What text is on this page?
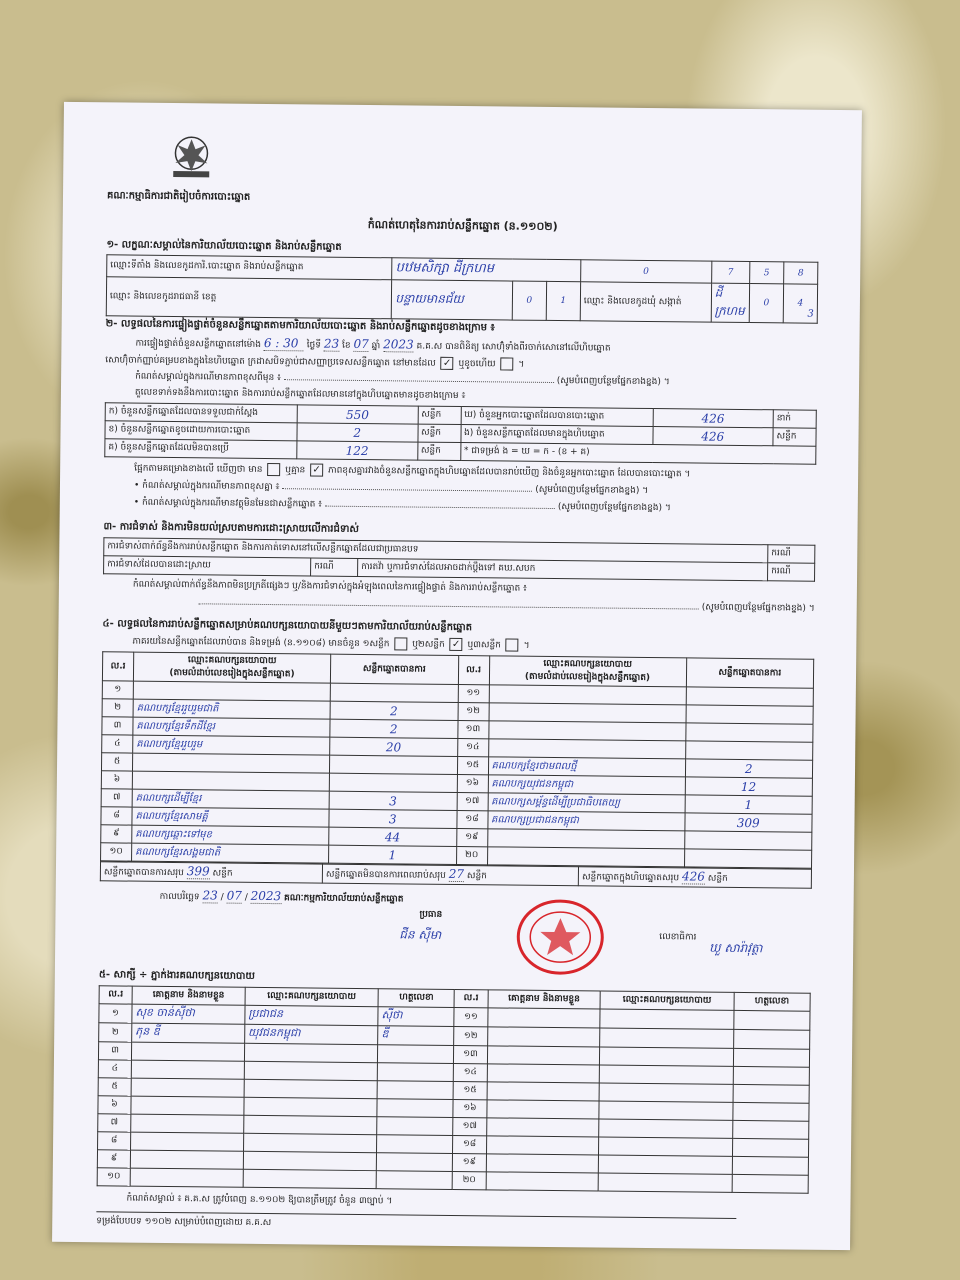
គណៈកម្មាធិការជាតិរៀបចំការបោះឆ្នោត
កំណត់ហេតុនៃការរាប់សន្លឹកឆ្នោត (ន.១១០២)
១- លក្ខណៈសម្គាល់នៃការិយាល័យបោះឆ្នោត និងរាប់សន្លឹកឆ្នោត
ឈ្មោះទីតាំង និងលេខកូដការិ.បោះឆ្នោត និងរាប់សន្លឹកឆ្នោត	បឋមសិក្សា ដីក្រហម			0	7	5	8
ឈ្មោះ និងលេខកូដរាជធានី ខេត្ត	បន្ទាយមានជ័យ	0	1	ឈ្មោះ និងលេខកូដឃុំ សង្កាត់	ដីក្រហម	0	4
3
២- លទ្ធផលនៃការផ្ទៀងផ្ទាត់ចំនួនសន្លឹកឆ្នោតតាមការិយាល័យបោះឆ្នោត និងរាប់សន្លឹកឆ្នោតដូចខាងក្រោម ៖
ការផ្ទៀងផ្ទាត់ចំនួនសន្លឹកឆ្នោតនៅម៉ោង 6 : 30 ថ្ងៃទី 23 ខែ 07 ឆ្នាំ 2023 គ.គ.ស បានពិនិត្យ សោហ៊ុំទាំងពីរចាក់សោនៅលើហិបឆ្នោត
សោហ៊ុំចាក់ញ្ញាប់គម្របខាងក្នុងនៃហិបឆ្នោត ក្រដាសបិទភ្ជាប់ជាសញ្ញាប្រទេសសន្លឹកឆ្នោត នៅមានដែល ✓ ឬខូចហើយ  ។
កំណត់សម្គាល់ក្នុងករណីមានភាពខុសពីមុន ៖	(សូមបំពេញបន្ថែមផ្នែកខាងខ្នង) ។
តួលេខទាក់ទងនឹងការបោះឆ្នោត និងការរាប់សន្លឹកឆ្នោតដែលមាននៅក្នុងហិបឆ្នោតមានដូចខាងក្រោម ៖
ក) ចំនួនសន្លឹកឆ្នោតដែលបានទទួលជាក់ស្តែង	550	សន្លឹក	ឃ) ចំនួនអ្នកបោះឆ្នោតដែលបានបោះឆ្នោត	426	នាក់
ខ) ចំនួនសន្លឹកឆ្នោតខូចដោយការបោះឆ្នោត	2	សន្លឹក	ង) ចំនួនសន្លឹកឆ្នោតដែលមានក្នុងហិបឆ្នោត	426	សន្លឹក
គ) ចំនួនសន្លឹកឆ្នោតដែលមិនបានប្រើ	122	សន្លឹក	* ជាទម្រង់ ង = ឃ = ក - (ខ + គ)		
ផ្អែកតាមគម្រោងខាងលើ ឃើញថា មាន	ឬគ្មាន ✓ ភាពខុសគ្នារវាងចំនួនសន្លឹកឆ្នោតក្នុងហិបឆ្នោតដែលបានរាប់ឃើញ និងចំនួនអ្នកបោះឆ្នោត ដែលបានបោះឆ្នោត ។
• កំណត់សម្គាល់ក្នុងករណីមានភាពខុសគ្នា ៖	(សូមបំពេញបន្ថែមផ្នែកខាងខ្នង) ។
• កំណត់សម្គាល់ក្នុងករណីមានវត្ថុមិនមែនជាសន្លឹកឆ្នោត ៖	(សូមបំពេញបន្ថែមផ្នែកខាងខ្នង) ។
៣- ការជំទាស់ និងការមិនយល់ស្របតាមការដោះស្រាយលើការជំទាស់
ការជំទាស់ពាក់ព័ន្ធនឹងការរាប់សន្លឹកឆ្នោត និងការកាត់ទោសនៅលើសន្លឹកឆ្នោតដែលជាប្រធានបទ			ករណី
ការជំទាស់ដែលបានដោះស្រាយ	ករណី	ការតវ៉ា ឬការជំទាស់ដែលអាចដាក់ប្តឹងទៅ គឃ.សបក	ករណី
កំណត់សម្គាល់ពាក់ព័ន្ធនឹងភាពមិនប្រក្រតីផ្សេងៗ ឬ/និងការជំទាស់ក្នុងអំឡុងពេលនៃការផ្ទៀងផ្ទាត់ និងការរាប់សន្លឹកឆ្នោត ៖
(សូមបំពេញបន្ថែមផ្នែកខាងខ្នង) ។
៤- លទ្ធផលនៃការរាប់សន្លឹកឆ្នោតសម្រាប់គណបក្សនយោបាយនីមួយៗតាមការិយាល័យរាប់សន្លឹកឆ្នោត
ភាគរយនៃសន្លឹកឆ្នោតដែលរាប់បាន និងទម្រង់ (ន.១១០៨) មានចំនួន ១សន្លឹក	ឬ២សន្លឹក ✓ ឬ៣សន្លឹក  ។
ល.រ	ឈ្មោះគណបក្សនយោបាយ
(តាមលំដាប់លេខរៀងក្នុងសន្លឹកឆ្នោត)	សន្លឹកឆ្នោតបានការ	ល.រ	ឈ្មោះគណបក្សនយោបាយ
(តាមលំដាប់លេខរៀងក្នុងសន្លឹកឆ្នោត)	សន្លឹកឆ្នោតបានការ
១			១១		
២	គណបក្សខ្មែររួបរួមជាតិ	2	១២		
៣	គណបក្សខ្មែរទឹកដីខ្មែរ	2	១៣		
៤	គណបក្សខ្មែររួបរួម	20	១៤		
៥			១៥	គណបក្សខ្មែរថាមពលថ្មី	2
៦			១៦	គណបក្សយុវជនកម្ពុជា	12
៧	គណបក្សដើម្បីខ្មែរ	3	១៧	គណបក្សសម្ព័ន្ធដើម្បីប្រជាធិបតេយ្យ	1
៨	គណបក្សខ្មែរសាមគ្គី	3	១៨	គណបក្សប្រជាជនកម្ពុជា	309
៩	គណបក្សឆ្ពោះទៅមុខ	44	១៩		
១០	គណបក្សខ្មែរសង្គមជាតិ	1	២០		
សន្លឹកឆ្នោតបានការសរុប 399 សន្លឹក	សន្លឹកឆ្នោតមិនបានការពេលរាប់សរុប 27 សន្លឹក	សន្លឹកឆ្នោតក្នុងហិបឆ្នោតសរុប 426 សន្លឹក
កាលបរិច្ឆេទ 23 / 07 / 2023 គណៈកម្មការិយាល័យរាប់សន្លឹកឆ្នោត
ប្រធាន
ជីន ស៊ីមា	លេខាធិការ
ឃួ សារ៉ាវុត្ថា
៥- សាក្សី ÷ ភ្នាក់ងារគណបក្សនយោបាយ
ល.រ	គោត្តនាម និងនាមខ្លួន	ឈ្មោះគណបក្សនយោបាយ	ហត្ថលេខា	ល.រ	គោត្តនាម និងនាមខ្លួន	ឈ្មោះគណបក្សនយោបាយ	ហត្ថលេខា
១	សុខ ចាន់ស៊ីថា	ប្រជាជន	ស៊ីថា	១១			
២	ភុន ឌី	យុវជនកម្ពុជា	ឌី	១២			
៣				១៣			
៤				១៤			
៥				១៥			
៦				១៦			
៧				១៧			
៨				១៨			
៩				១៩			
១០				២០			
កំណត់សម្គាល់ ៖ គ.គ.ស ត្រូវបំពេញ ន.១១០២ ឱ្យបានត្រឹមត្រូវ ចំនួន ៣ច្បាប់ ។
ទម្រង់បែបបទ ១១០២ សម្រាប់បំពេញដោយ គ.គ.ស
